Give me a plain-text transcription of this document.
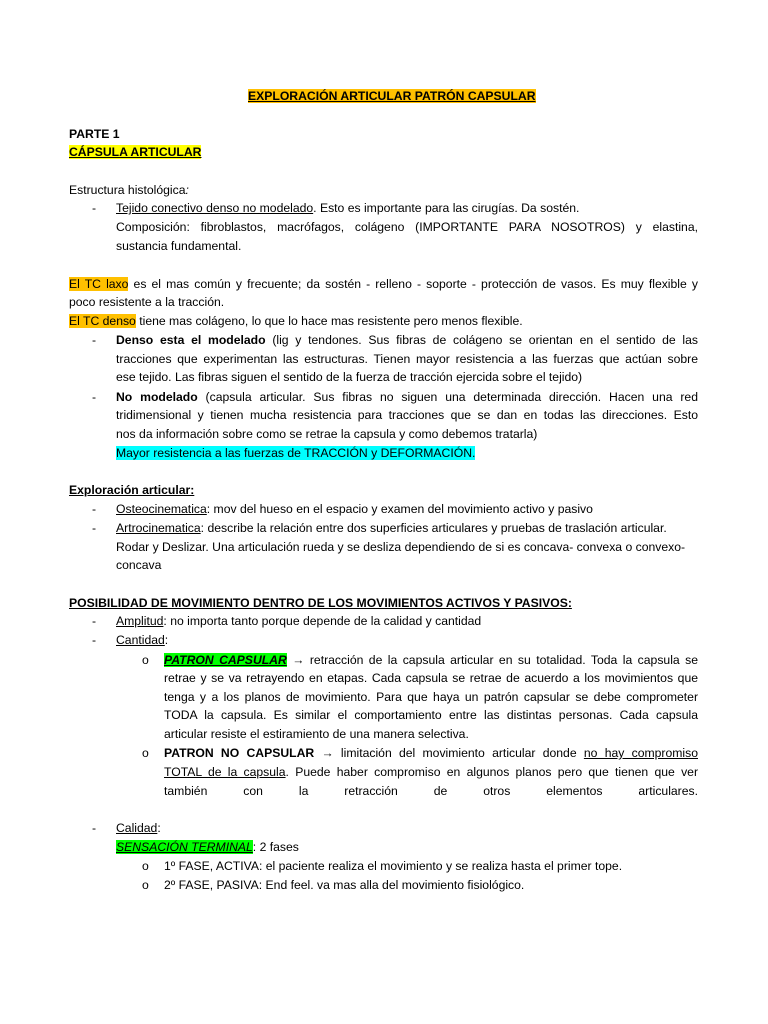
EXPLORACIÓN ARTICULAR PATRÓN CAPSULAR
PARTE 1
CÁPSULA ARTICULAR
Estructura histológica:
- Tejido conectivo denso no modelado. Esto es importante para las cirugías. Da sostén.
Composición: fibroblastos, macrófagos, colágeno (IMPORTANTE PARA NOSOTROS) y elastina,
sustancia fundamental.
El TC laxo es el mas común y frecuente; da sostén - relleno - soporte - protección de vasos. Es muy flexible y
poco resistente a la tracción.
El TC denso tiene mas colágeno, lo que lo hace mas resistente pero menos flexible.
- Denso esta el modelado (lig y tendones. Sus fibras de colágeno se orientan en el sentido de las
tracciones que experimentan las estructuras. Tienen mayor resistencia a las fuerzas que actúan sobre
ese tejido. Las fibras siguen el sentido de la fuerza de tracción ejercida sobre el tejido)
- No modelado (capsula articular. Sus fibras no siguen una determinada dirección. Hacen una red
tridimensional y tienen mucha resistencia para tracciones que se dan en todas las direcciones. Esto
nos da información sobre como se retrae la capsula y como debemos tratarla)
Mayor resistencia a las fuerzas de TRACCIÓN y DEFORMACIÓN.
Exploración articular:
- Osteocinematica: mov del hueso en el espacio y examen del movimiento activo y pasivo
- Artrocinematica: describe la relación entre dos superficies articulares y pruebas de traslación articular.
Rodar y Deslizar. Una articulación rueda y se desliza dependiendo de si es concava- convexa o convexo-
concava
POSIBILIDAD DE MOVIMIENTO DENTRO DE LOS MOVIMIENTOS ACTIVOS Y PASIVOS:
- Amplitud: no importa tanto porque depende de la calidad y cantidad
- Cantidad:
o PATRON CAPSULAR → retracción de la capsula articular en su totalidad. Toda la capsula se
retrae y se va retrayendo en etapas. Cada capsula se retrae de acuerdo a los movimientos que
tenga y a los planos de movimiento. Para que haya un patrón capsular se debe comprometer
TODA la capsula. Es similar el comportamiento entre las distintas personas. Cada capsula
articular resiste el estiramiento de una manera selectiva.
o PATRON NO CAPSULAR → limitación del movimiento articular donde no hay compromiso
TOTAL de la capsula. Puede haber compromiso en algunos planos pero que tienen que ver
también con la retracción de otros elementos articulares.
- Calidad:
SENSACIÓN TERMINAL: 2 fases
o 1º FASE, ACTIVA: el paciente realiza el movimiento y se realiza hasta el primer tope.
o 2º FASE, PASIVA: End feel. va mas alla del movimiento fisiológico.
